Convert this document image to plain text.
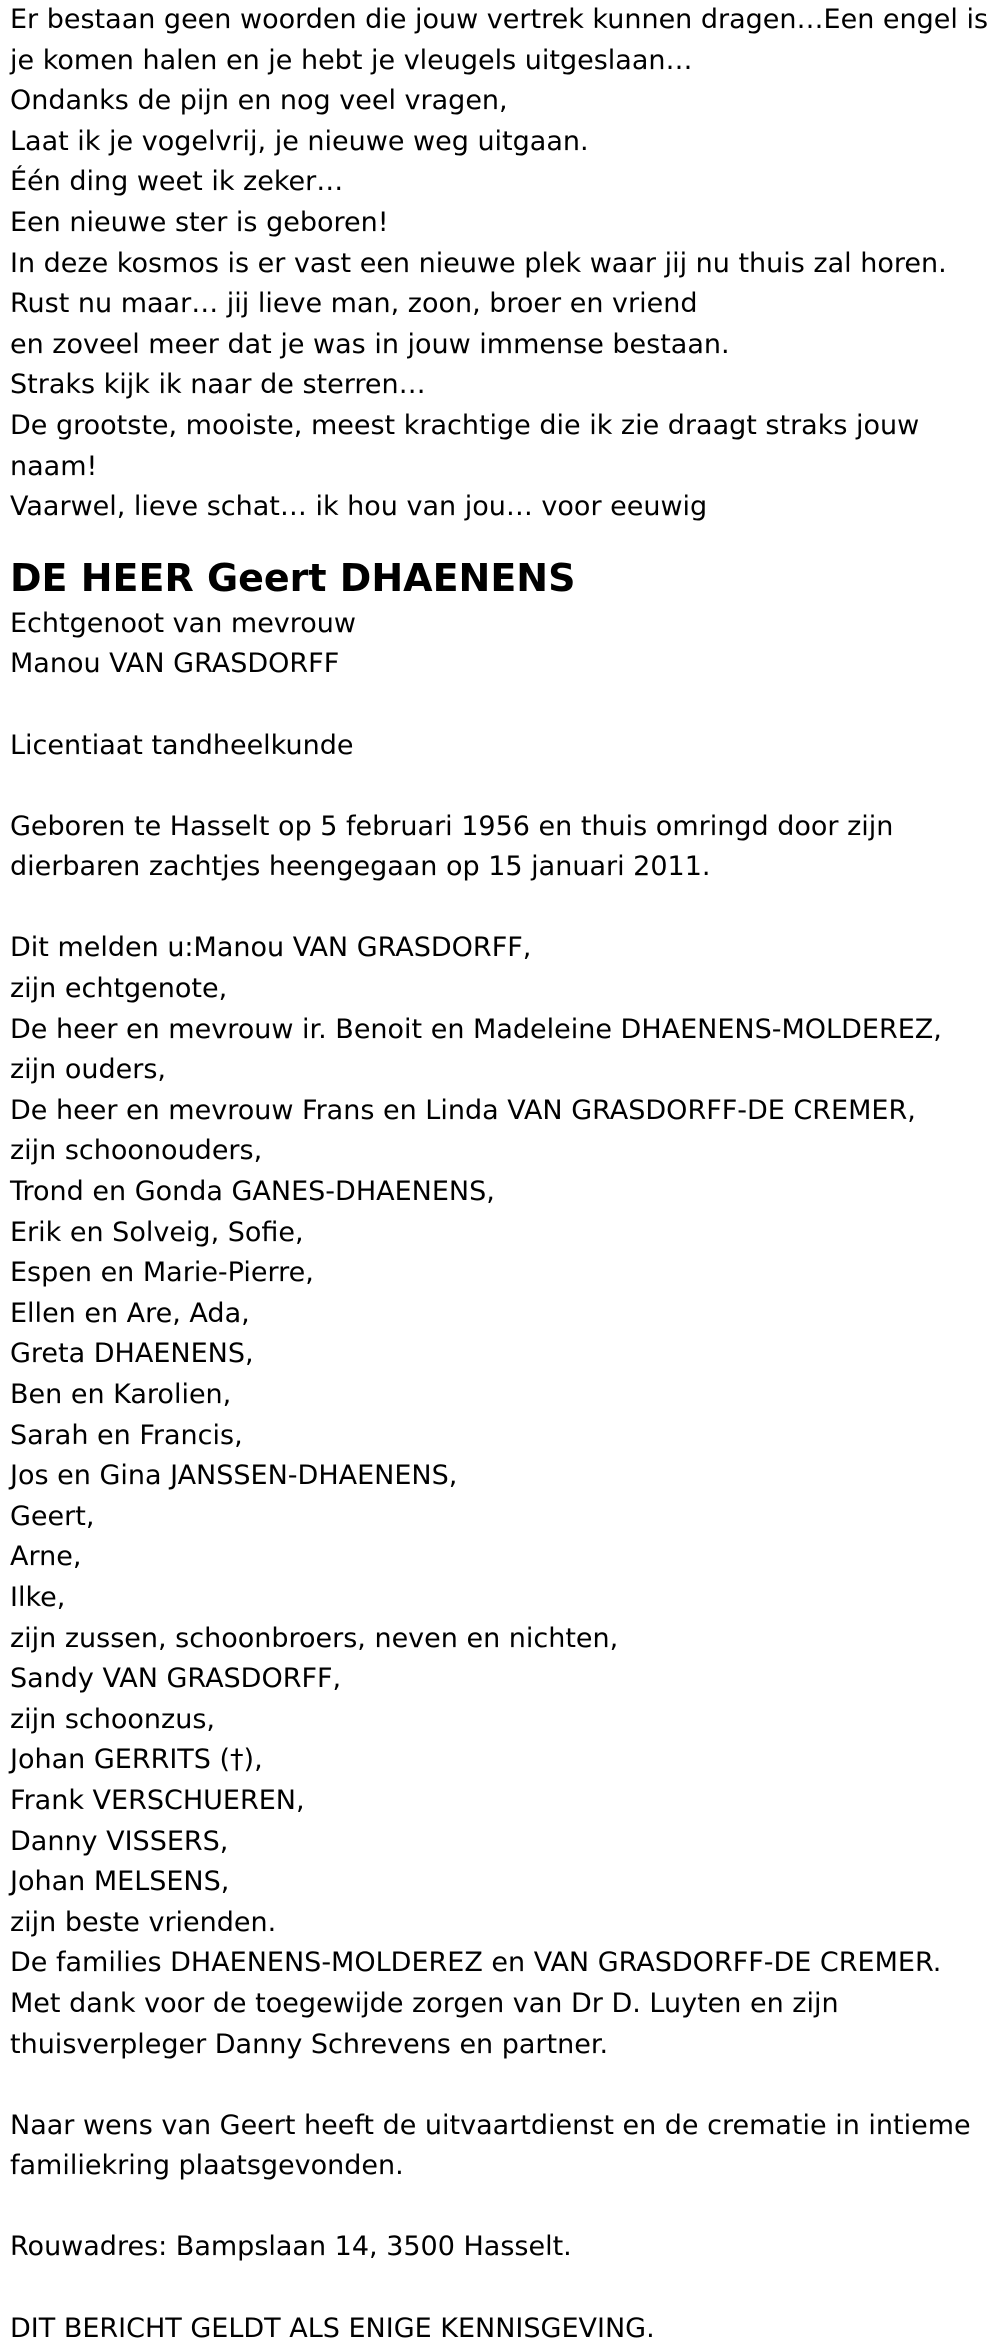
Er bestaan geen woorden die jouw vertrek kunnen dragen…Een engel is

je komen halen en je hebt je vleugels uitgeslaan…

Ondanks de pijn en nog veel vragen,

Laat ik je vogelvrij, je nieuwe weg uitgaan.

Één ding weet ik zeker…

Een nieuwe ster is geboren!

In deze kosmos is er vast een nieuwe plek waar jij nu thuis zal horen.

Rust nu maar… jij lieve man, zoon, broer en vriend

en zoveel meer dat je was in jouw immense bestaan.

Straks kijk ik naar de sterren…

De grootste, mooiste, meest krachtige die ik zie draagt straks jouw

naam!

Vaarwel, lieve schat… ik hou van jou… voor eeuwig

DE HEER Geert DHAENENS

Echtgenoot van mevrouw

Manou VAN GRASDORFF

Licentiaat tandheelkunde

Geboren te Hasselt op 5 februari 1956 en thuis omringd door zijn

dierbaren zachtjes heengegaan op 15 januari 2011.

Dit melden u:Manou VAN GRASDORFF,

zijn echtgenote,

De heer en mevrouw ir. Benoit en Madeleine DHAENENS-MOLDEREZ,

zijn ouders,

De heer en mevrouw Frans en Linda VAN GRASDORFF-DE CREMER,

zijn schoonouders,

Trond en Gonda GANES-DHAENENS,

Erik en Solveig, Sofie,

Espen en Marie-Pierre,

Ellen en Are, Ada,

Greta DHAENENS,

Ben en Karolien,

Sarah en Francis,

Jos en Gina JANSSEN-DHAENENS,

Geert,

Arne,

Ilke,

zijn zussen, schoonbroers, neven en nichten,

Sandy VAN GRASDORFF,

zijn schoonzus,

Johan GERRITS (†),

Frank VERSCHUEREN,

Danny VISSERS,

Johan MELSENS,

zijn beste vrienden.

De families DHAENENS-MOLDEREZ en VAN GRASDORFF-DE CREMER.

Met dank voor de toegewijde zorgen van Dr D. Luyten en zijn

thuisverpleger Danny Schrevens en partner.

Naar wens van Geert heeft de uitvaartdienst en de crematie in intieme

familiekring plaatsgevonden.

Rouwadres: Bampslaan 14, 3500 Hasselt.

DIT BERICHT GELDT ALS ENIGE KENNISGEVING.
